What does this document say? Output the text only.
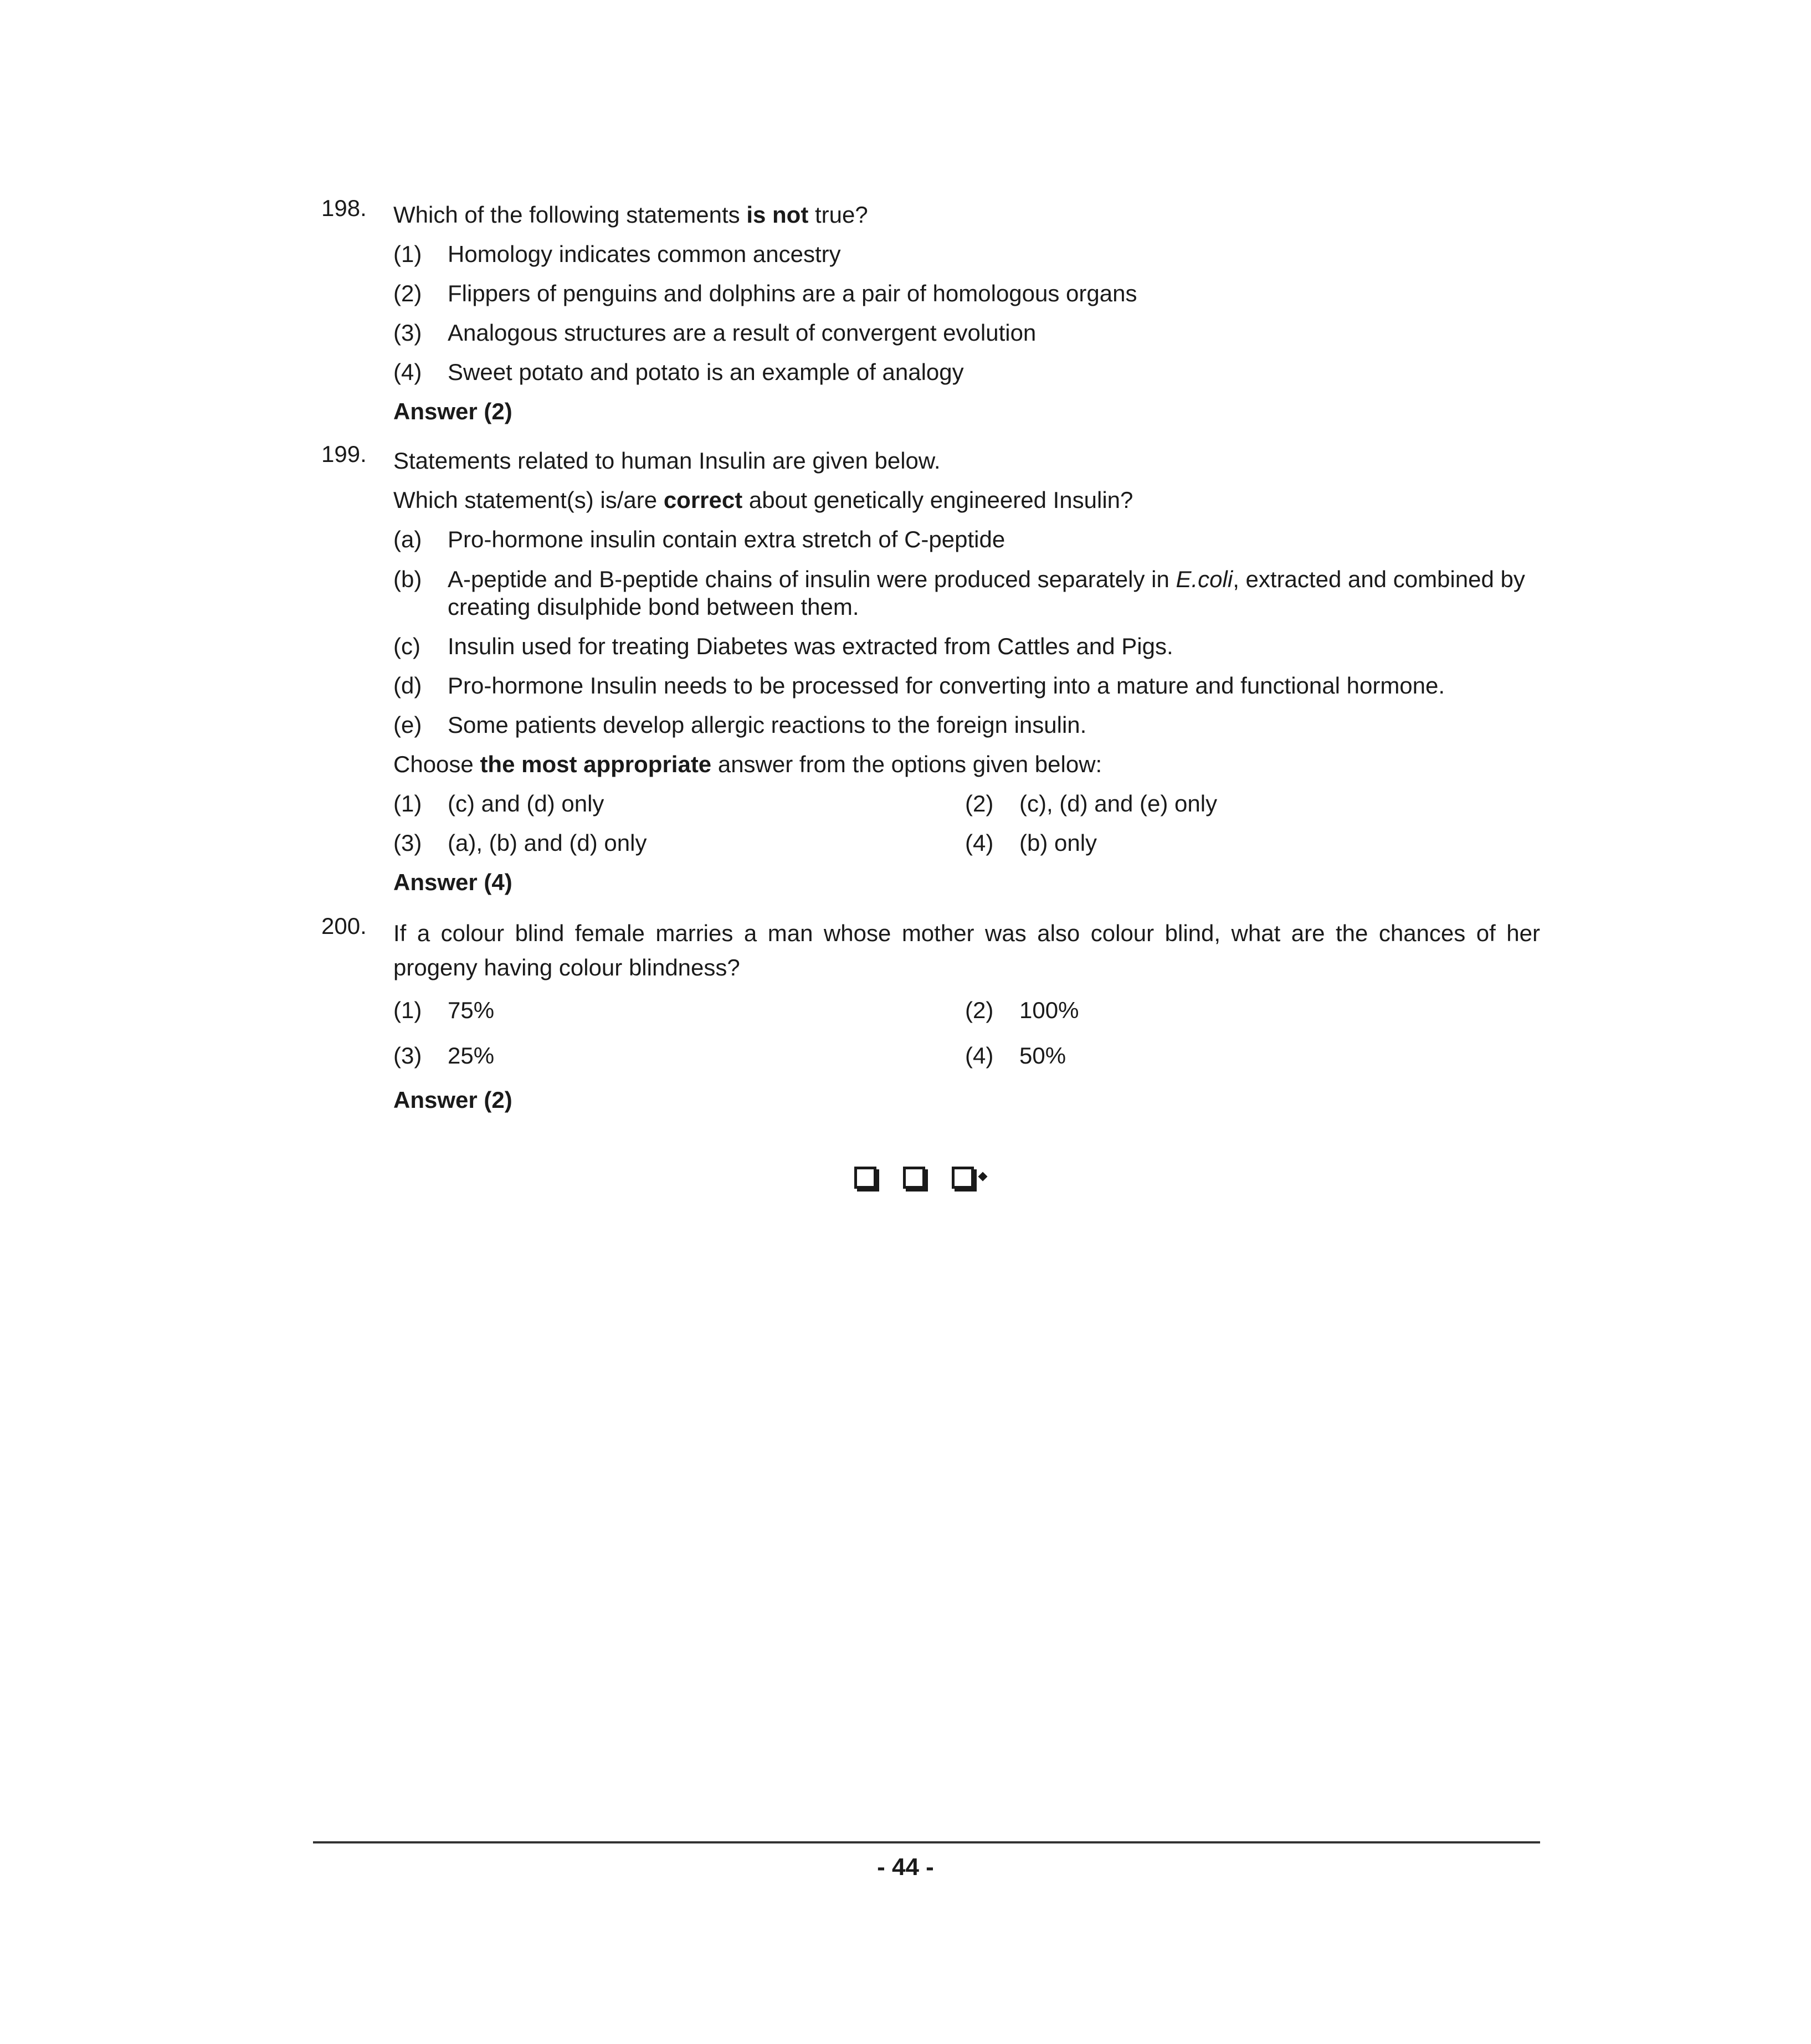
198. Which of the following statements is not true?
(1) Homology indicates common ancestry
(2) Flippers of penguins and dolphins are a pair of homologous organs
(3) Analogous structures are a result of convergent evolution
(4) Sweet potato and potato is an example of analogy
Answer (2)
199. Statements related to human Insulin are given below.
Which statement(s) is/are correct about genetically engineered Insulin?
(a) Pro-hormone insulin contain extra stretch of C-peptide
(b) A-peptide and B-peptide chains of insulin were produced separately in E.coli, extracted and combined by creating disulphide bond between them.
(c) Insulin used for treating Diabetes was extracted from Cattles and Pigs.
(d) Pro-hormone Insulin needs to be processed for converting into a mature and functional hormone.
(e) Some patients develop allergic reactions to the foreign insulin.
Choose the most appropriate answer from the options given below:
(1) (c) and (d) only	(2) (c), (d) and (e) only
(3) (a), (b) and (d) only	(4) (b) only
Answer (4)
200. If a colour blind female marries a man whose mother was also colour blind, what are the chances of her progeny having colour blindness?
(1) 75%	(2) 100%
(3) 25%	(4) 50%
Answer (2)
- 44 -
